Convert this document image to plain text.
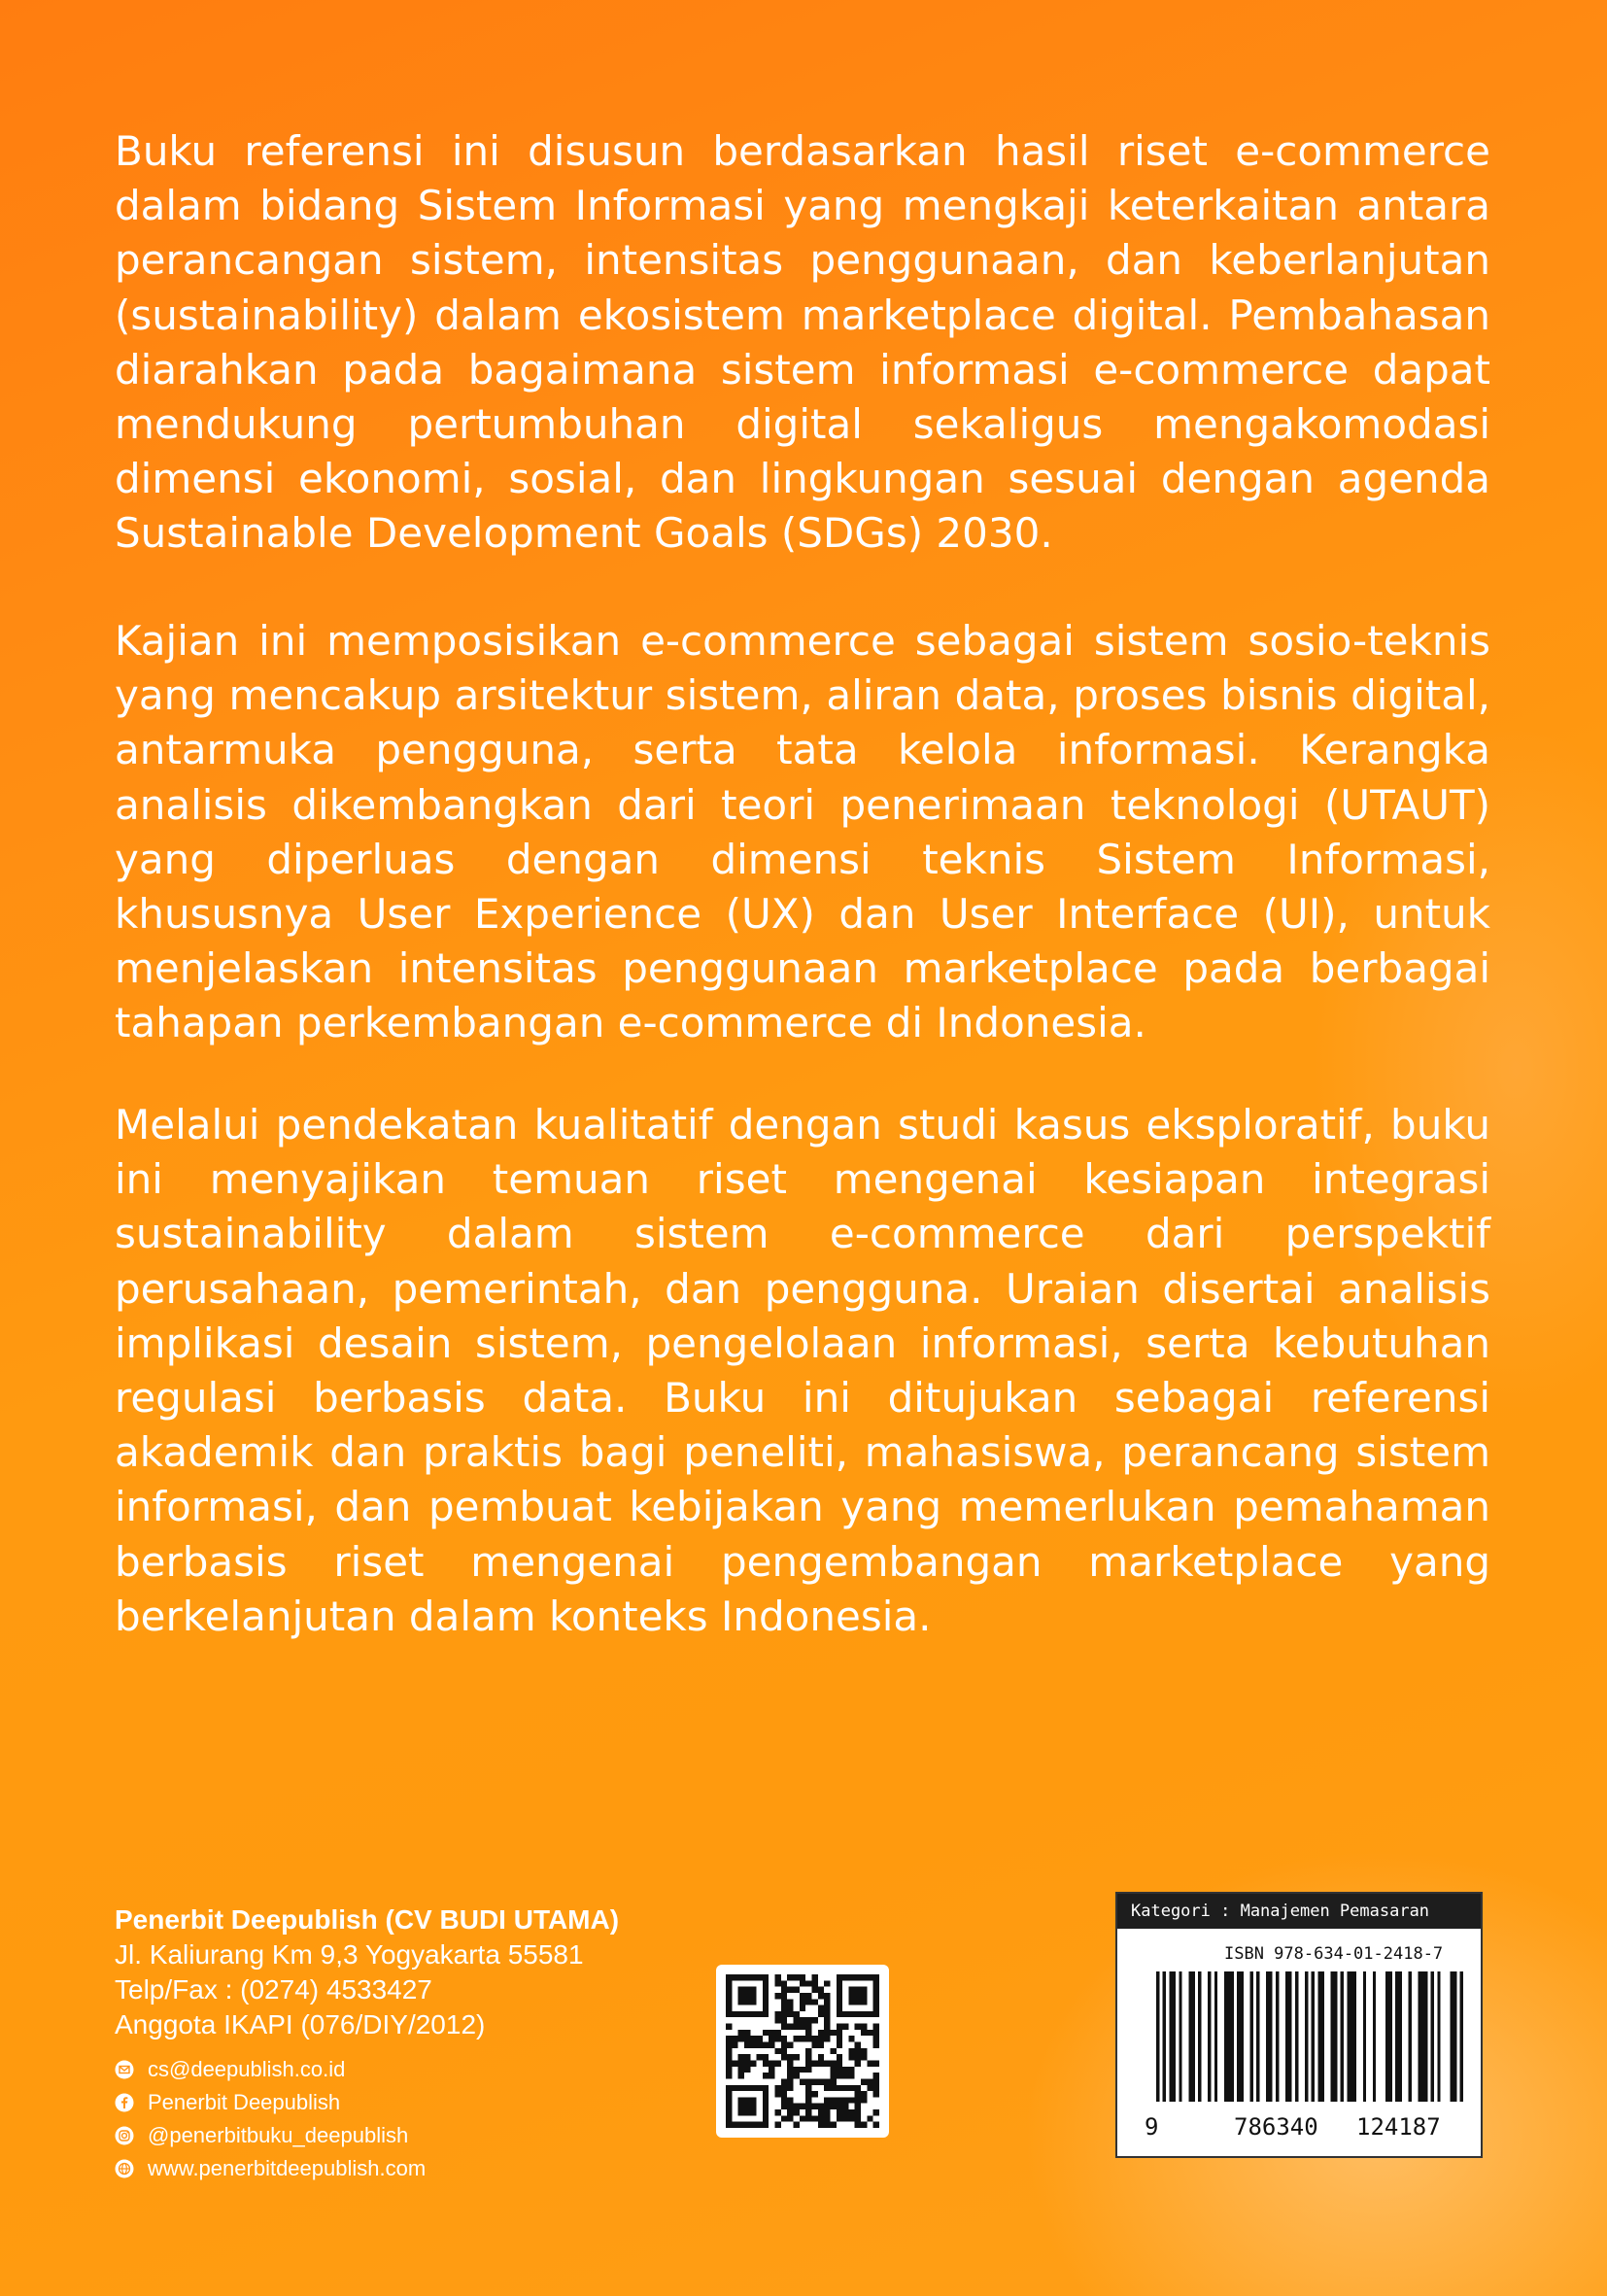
Buku referensi ini disusun berdasarkan hasil riset e-commerce dalam bidang Sistem Informasi yang mengkaji keterkaitan antara perancangan sistem, intensitas penggunaan, dan keberlanjutan (sustainability) dalam ekosistem marketplace digital. Pembahasan diarahkan pada bagaimana sistem informasi e-commerce dapat mendukung pertumbuhan digital sekaligus mengakomodasi dimensi ekonomi, sosial, dan lingkungan sesuai dengan agenda Sustainable Development Goals (SDGs) 2030.

Kajian ini memposisikan e-commerce sebagai sistem sosio-teknis yang mencakup arsitektur sistem, aliran data, proses bisnis digital, antarmuka pengguna, serta tata kelola informasi. Kerangka analisis dikembangkan dari teori penerimaan teknologi (UTAUT) yang diperluas dengan dimensi teknis Sistem Informasi, khususnya User Experience (UX) dan User Interface (UI), untuk menjelaskan intensitas penggunaan marketplace pada berbagai tahapan perkembangan e-commerce di Indonesia.

Melalui pendekatan kualitatif dengan studi kasus eksploratif, buku ini menyajikan temuan riset mengenai kesiapan integrasi sustainability dalam sistem e-commerce dari perspektif perusahaan, pemerintah, dan pengguna. Uraian disertai analisis implikasi desain sistem, pengelolaan informasi, serta kebutuhan regulasi berbasis data. Buku ini ditujukan sebagai referensi akademik dan praktis bagi peneliti, mahasiswa, perancang sistem informasi, dan pembuat kebijakan yang memerlukan pemahaman berbasis riset mengenai pengembangan marketplace yang berkelanjutan dalam konteks Indonesia.

Penerbit Deepublish (CV BUDI UTAMA)
Jl. Kaliurang Km 9,3 Yogyakarta 55581
Telp/Fax : (0274) 4533427
Anggota IKAPI (076/DIY/2012)
cs@deepublish.co.id
Penerbit Deepublish
@penerbitbuku_deepublish
www.penerbitdeepublish.com
Kategori : Manajemen Pemasaran
ISBN 978-634-01-2418-7
9	786340 124187
